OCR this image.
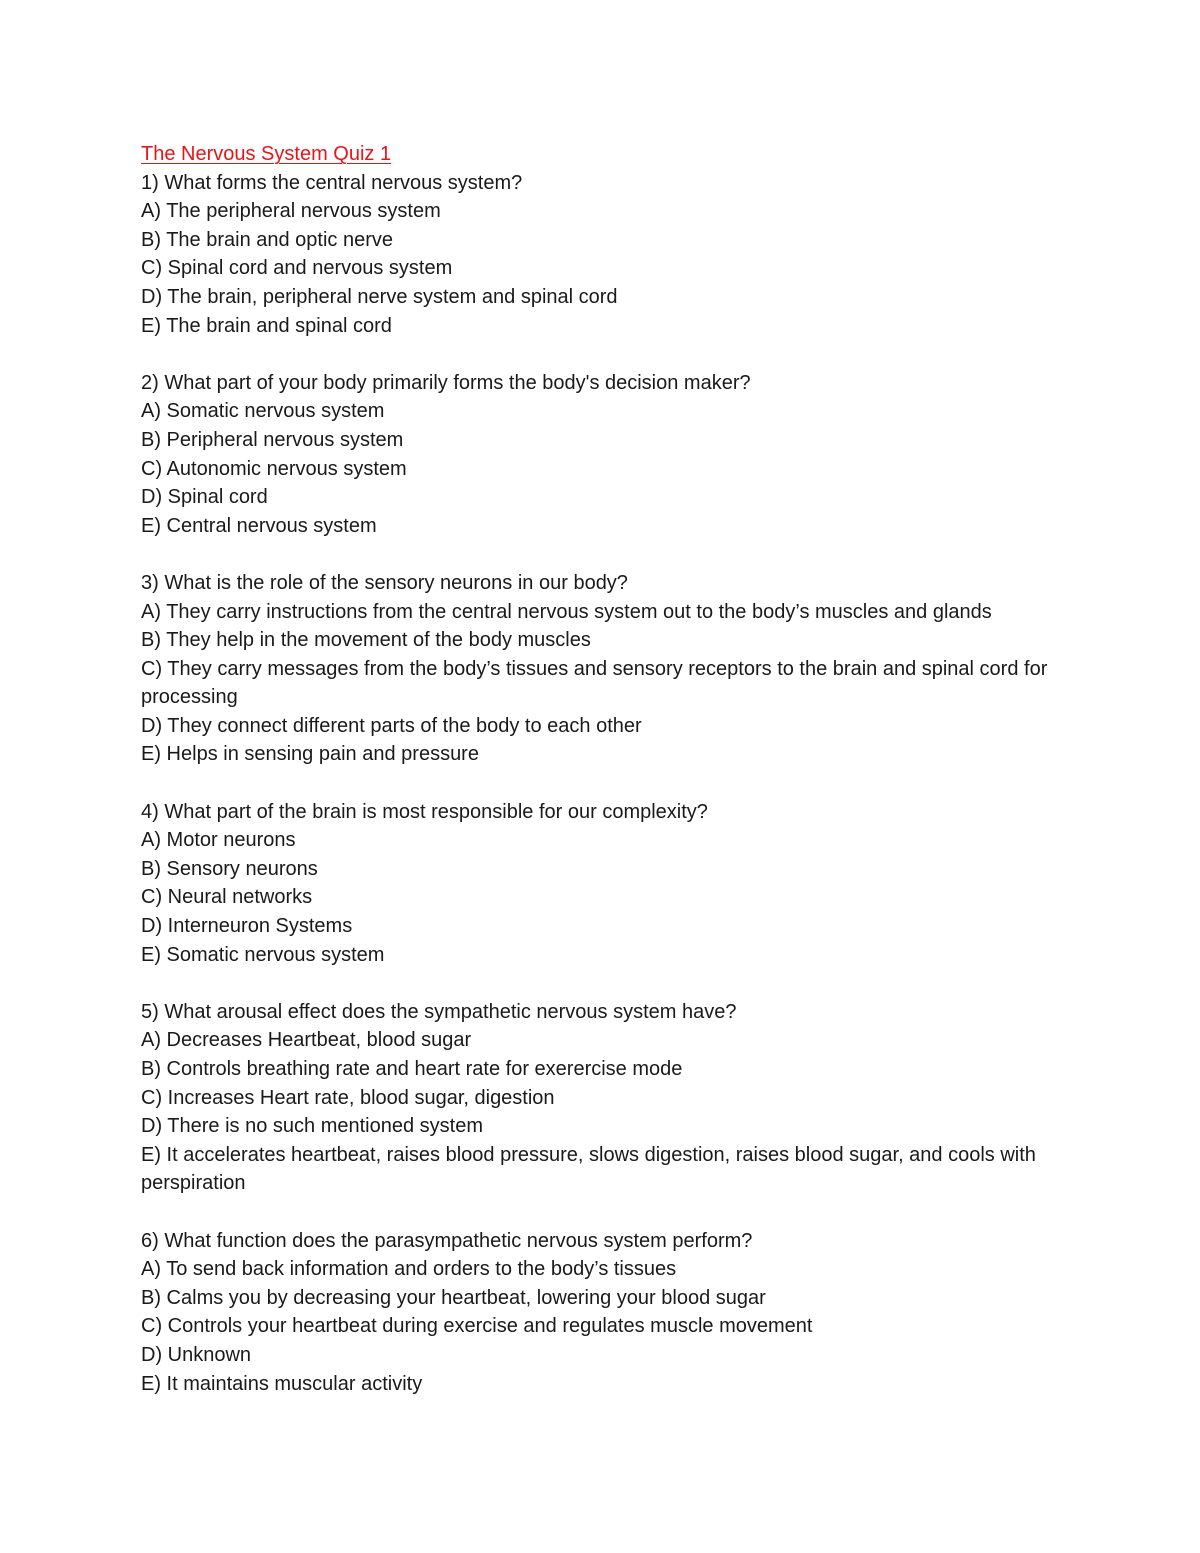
The Nervous System Quiz 1
1) What forms the central nervous system?
A) The peripheral nervous system
B) The brain and optic nerve
C) Spinal cord and nervous system
D) The brain, peripheral nerve system and spinal cord
E) The brain and spinal cord
2) What part of your body primarily forms the body's decision maker?
A) Somatic nervous system
B) Peripheral nervous system
C) Autonomic nervous system
D) Spinal cord
E) Central nervous system
3) What is the role of the sensory neurons in our body?
A) They carry instructions from the central nervous system out to the body’s muscles and glands
B) They help in the movement of the body muscles
C) They carry messages from the body’s tissues and sensory receptors to the brain and spinal cord for processing
D) They connect different parts of the body to each other
E) Helps in sensing pain and pressure
4) What part of the brain is most responsible for our complexity?
A) Motor neurons
B) Sensory neurons
C) Neural networks
D) Interneuron Systems
E) Somatic nervous system
5) What arousal effect does the sympathetic nervous system have?
A) Decreases Heartbeat, blood sugar
B) Controls breathing rate and heart rate for exerercise mode
C) Increases Heart rate, blood sugar, digestion
D) There is no such mentioned system
E) It accelerates heartbeat, raises blood pressure, slows digestion, raises blood sugar, and cools with perspiration
6) What function does the parasympathetic nervous system perform?
A) To send back information and orders to the body’s tissues
B) Calms you by decreasing your heartbeat, lowering your blood sugar
C) Controls your heartbeat during exercise and regulates muscle movement
D) Unknown
E) It maintains muscular activity
